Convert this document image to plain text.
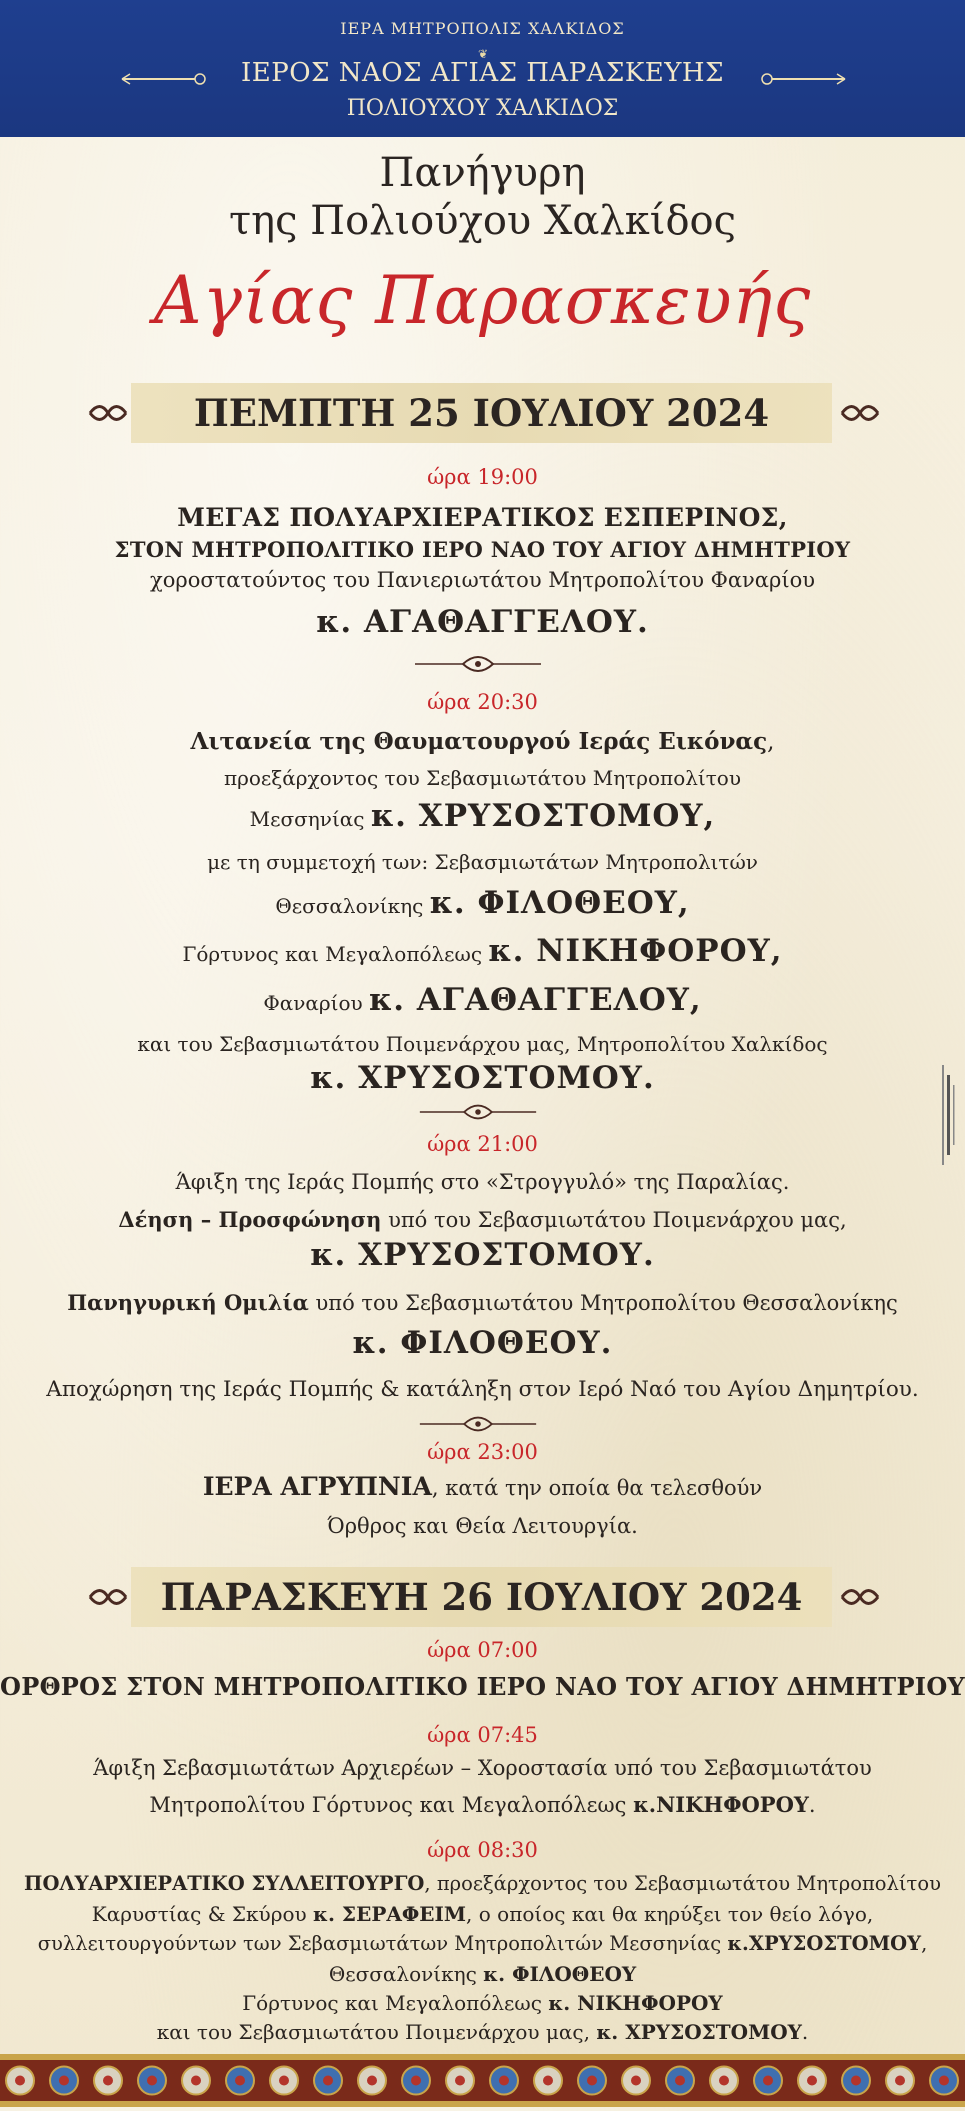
ΙΕΡΑ ΜΗΤΡΟΠΟΛΙΣ ΧΑΛΚΙΔΟΣ
❦
ΙΕΡΟΣ ΝΑΟΣ ΑΓΙΑΣ ΠΑΡΑΣΚΕΥΗΣ
ΠΟΛΙΟΥΧΟΥ ΧΑΛΚΙΔΟΣ
Πανήγυρη
της Πολιούχου Χαλκίδος
Αγίας Παρασκευής
ΠΕΜΠΤΗ 25 ΙΟΥΛΙΟΥ 2024
ώρα 19:00
ΜΕΓΑΣ ΠΟΛΥΑΡΧΙΕΡΑΤΙΚΟΣ ΕΣΠΕΡΙΝΟΣ,
ΣΤΟΝ ΜΗΤΡΟΠΟΛΙΤΙΚΟ ΙΕΡΟ ΝΑΟ ΤΟΥ ΑΓΙΟΥ ΔΗΜΗΤΡΙΟΥ
χοροστατούντος του Πανιεριωτάτου Μητροπολίτου Φαναρίου
κ. ΑΓΑΘΑΓΓΕΛΟΥ.
ώρα 20:30
Λιτανεία της Θαυματουργού Ιεράς Εικόνας,
προεξάρχοντος του Σεβασμιωτάτου Μητροπολίτου
Μεσσηνίας κ. ΧΡΥΣΟΣΤΟΜΟΥ,
με τη συμμετοχή των: Σεβασμιωτάτων Μητροπολιτών
Θεσσαλονίκης κ. ΦΙΛΟΘΕΟΥ,
Γόρτυνος και Μεγαλοπόλεως κ. ΝΙΚΗΦΟΡΟΥ,
Φαναρίου κ. ΑΓΑΘΑΓΓΕΛΟΥ,
και του Σεβασμιωτάτου Ποιμενάρχου μας, Μητροπολίτου Χαλκίδος
κ. ΧΡΥΣΟΣΤΟΜΟΥ.
ώρα 21:00
Άφιξη της Ιεράς Πομπής στο «Στρογγυλό» της Παραλίας.
Δέηση – Προσφώνηση υπό του Σεβασμιωτάτου Ποιμενάρχου μας,
κ. ΧΡΥΣΟΣΤΟΜΟΥ.
Πανηγυρική Ομιλία υπό του Σεβασμιωτάτου Μητροπολίτου Θεσσαλονίκης
κ. ΦΙΛΟΘΕΟΥ.
Αποχώρηση της Ιεράς Πομπής & κατάληξη στον Ιερό Ναό του Αγίου Δημητρίου.
ώρα 23:00
ΙΕΡΑ ΑΓΡΥΠΝΙΑ, κατά την οποία θα τελεσθούν
Όρθρος και Θεία Λειτουργία.
ΠΑΡΑΣΚΕΥΗ 26 ΙΟΥΛΙΟΥ 2024
ώρα 07:00
ΟΡΘΡΟΣ ΣΤΟΝ ΜΗΤΡΟΠΟΛΙΤΙΚΟ ΙΕΡΟ ΝΑΟ ΤΟΥ ΑΓΙΟΥ ΔΗΜΗΤΡΙΟΥ
ώρα 07:45
Άφιξη Σεβασμιωτάτων Αρχιερέων – Χοροστασία υπό του Σεβασμιωτάτου
Μητροπολίτου Γόρτυνος και Μεγαλοπόλεως κ.ΝΙΚΗΦΟΡΟΥ.
ώρα 08:30
ΠΟΛΥΑΡΧΙΕΡΑΤΙΚΟ ΣΥΛΛΕΙΤΟΥΡΓΟ, προεξάρχοντος του Σεβασμιωτάτου Μητροπολίτου
Καρυστίας & Σκύρου κ. ΣΕΡΑΦΕΙΜ, ο οποίος και θα κηρύξει τον θείο λόγο,
συλλειτουργούντων των Σεβασμιωτάτων Μητροπολιτών Μεσσηνίας κ.ΧΡΥΣΟΣΤΟΜΟΥ,
Θεσσαλονίκης κ. ΦΙΛΟΘΕΟΥ
Γόρτυνος και Μεγαλοπόλεως κ. ΝΙΚΗΦΟΡΟΥ
και του Σεβασμιωτάτου Ποιμενάρχου μας, κ. ΧΡΥΣΟΣΤΟΜΟΥ.
